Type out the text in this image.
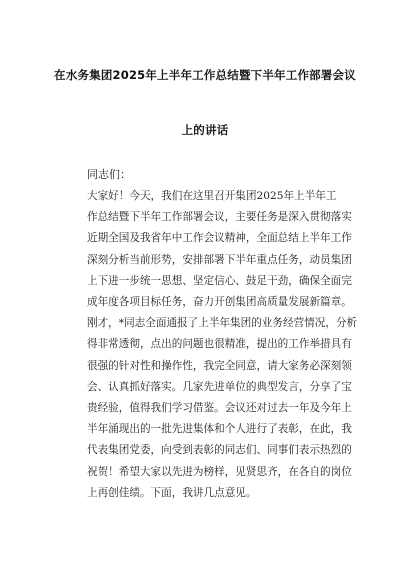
在水务集团2025年上半年工作总结暨下半年工作部署会议
上的讲话
同志们：
大家好！今天，我们在这里召开集团2025年上半年工
作总结暨下半年工作部署会议，主要任务是深入贯彻落实
近期全国及我省年中工作会议精神，全面总结上半年工作
深刻分析当前形势，安排部署下半年重点任务，动员集团
上下进一步统一思想、坚定信心、鼓足干劲，确保全面完
成年度各项目标任务，奋力开创集团高质量发展新篇章。
刚才，*同志全面通报了上半年集团的业务经营情况，分析
得非常透彻，点出的问题也很精准，提出的工作举措具有
很强的针对性和操作性，我完全同意，请大家务必深刻领
会、认真抓好落实。几家先进单位的典型发言，分享了宝
贵经验，值得我们学习借鉴。会议还对过去一年及今年上
半年涌现出的一批先进集体和个人进行了表彰，在此，我
代表集团党委，向受到表彰的同志们、同事们表示热烈的
祝贺！希望大家以先进为榜样，见贤思齐，在各自的岗位
上再创佳绩。下面，我讲几点意见。
